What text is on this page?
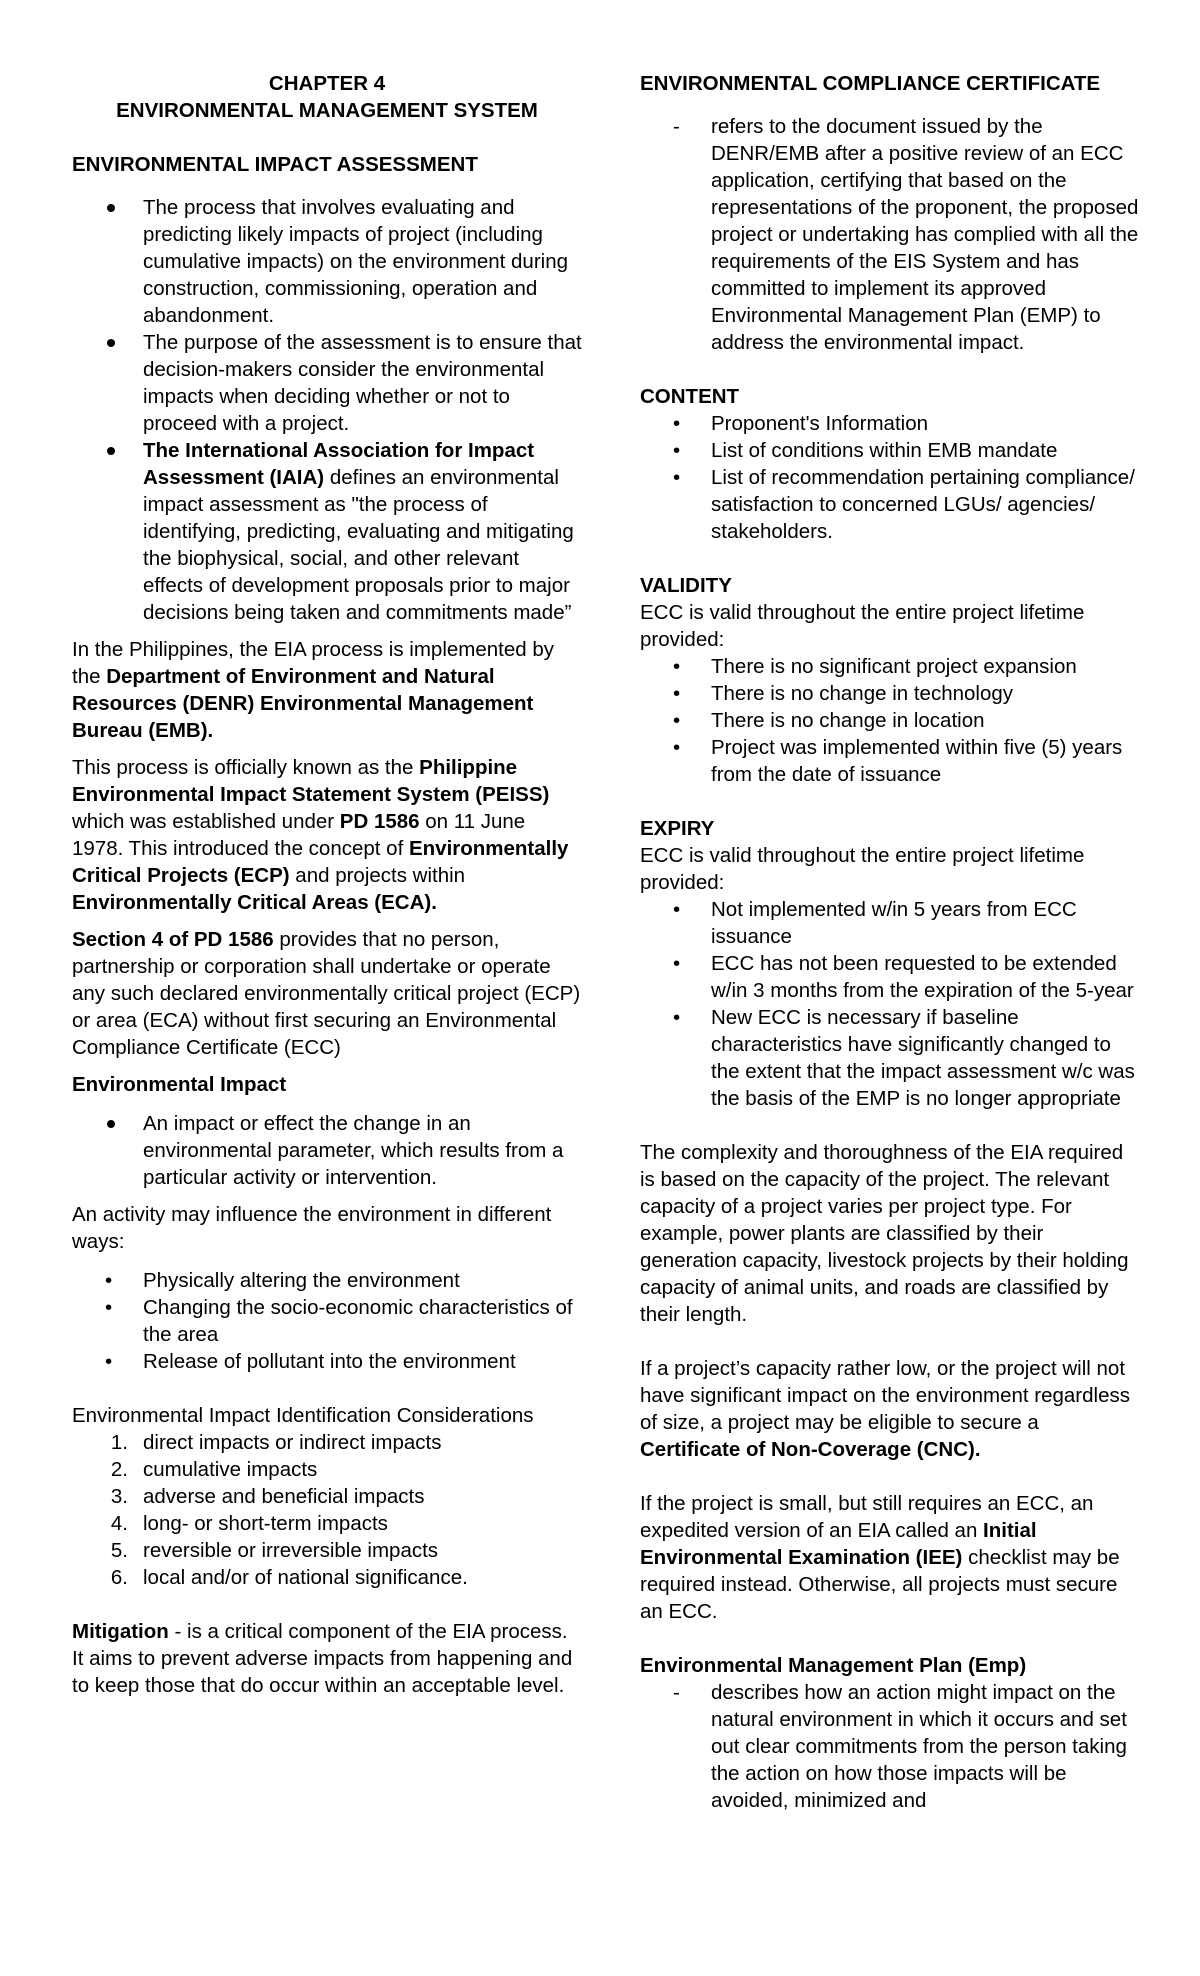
CHAPTER 4

ENVIRONMENTAL MANAGEMENT SYSTEM

ENVIRONMENTAL IMPACT ASSESSMENT

The process that involves evaluating and predicting likely impacts of project (including cumulative impacts) on the environment during construction, commissioning, operation and abandonment.
The purpose of the assessment is to ensure that decision-makers consider the environmental impacts when deciding whether or not to proceed with a project.
The International Association for Impact Assessment (IAIA) defines an environmental impact assessment as "the process of identifying, predicting, evaluating and mitigating the biophysical, social, and other relevant effects of development proposals prior to major decisions being taken and commitments made”

In the Philippines, the EIA process is implemented by the Department of Environment and Natural Resources (DENR) Environmental Management Bureau (EMB).

This process is officially known as the Philippine Environmental Impact Statement System (PEISS) which was established under PD 1586 on 11 June 1978. This introduced the concept of Environmentally Critical Projects (ECP) and projects within Environmentally Critical Areas (ECA).

Section 4 of PD 1586 provides that no person, partnership or corporation shall undertake or operate any such declared environmentally critical project (ECP) or area (ECA) without first securing an Environmental Compliance Certificate (ECC)

Environmental Impact

An impact or effect the change in an environmental parameter, which results from a particular activity or intervention.

An activity may influence the environment in different ways:

• Physically altering the environment
• Changing the socio-economic characteristics of the area
• Release of pollutant into the environment

Environmental Impact Identification Considerations

1. direct impacts or indirect impacts
2. cumulative impacts
3. adverse and beneficial impacts
4. long- or short-term impacts
5. reversible or irreversible impacts
6. local and/or of national significance.

Mitigation - is a critical component of the EIA process. It aims to prevent adverse impacts from happening and to keep those that do occur within an acceptable level.

ENVIRONMENTAL COMPLIANCE CERTIFICATE

- refers to the document issued by the DENR/EMB after a positive review of an ECC application, certifying that based on the representations of the proponent, the proposed project or undertaking has complied with all the requirements of the EIS System and has committed to implement its approved Environmental Management Plan (EMP) to address the environmental impact.

CONTENT

• Proponent's Information
• List of conditions within EMB mandate
• List of recommendation pertaining compliance/ satisfaction to concerned LGUs/ agencies/ stakeholders.

VALIDITY

ECC is valid throughout the entire project lifetime provided:

• There is no significant project expansion
• There is no change in technology
• There is no change in location
• Project was implemented within five (5) years from the date of issuance

EXPIRY

ECC is valid throughout the entire project lifetime provided:

• Not implemented w/in 5 years from ECC issuance
• ECC has not been requested to be extended w/in 3 months from the expiration of the 5-year
• New ECC is necessary if baseline characteristics have significantly changed to the extent that the impact assessment w/c was the basis of the EMP is no longer appropriate

The complexity and thoroughness of the EIA required is based on the capacity of the project. The relevant capacity of a project varies per project type. For example, power plants are classified by their generation capacity, livestock projects by their holding capacity of animal units, and roads are classified by their length.

If a project’s capacity rather low, or the project will not have significant impact on the environment regardless of size, a project may be eligible to secure a Certificate of Non-Coverage (CNC).

If the project is small, but still requires an ECC, an expedited version of an EIA called an Initial Environmental Examination (IEE) checklist may be required instead. Otherwise, all projects must secure an ECC.

Environmental Management Plan (Emp)

- describes how an action might impact on the natural environment in which it occurs and set out clear commitments from the person taking the action on how those impacts will be avoided, minimized and
